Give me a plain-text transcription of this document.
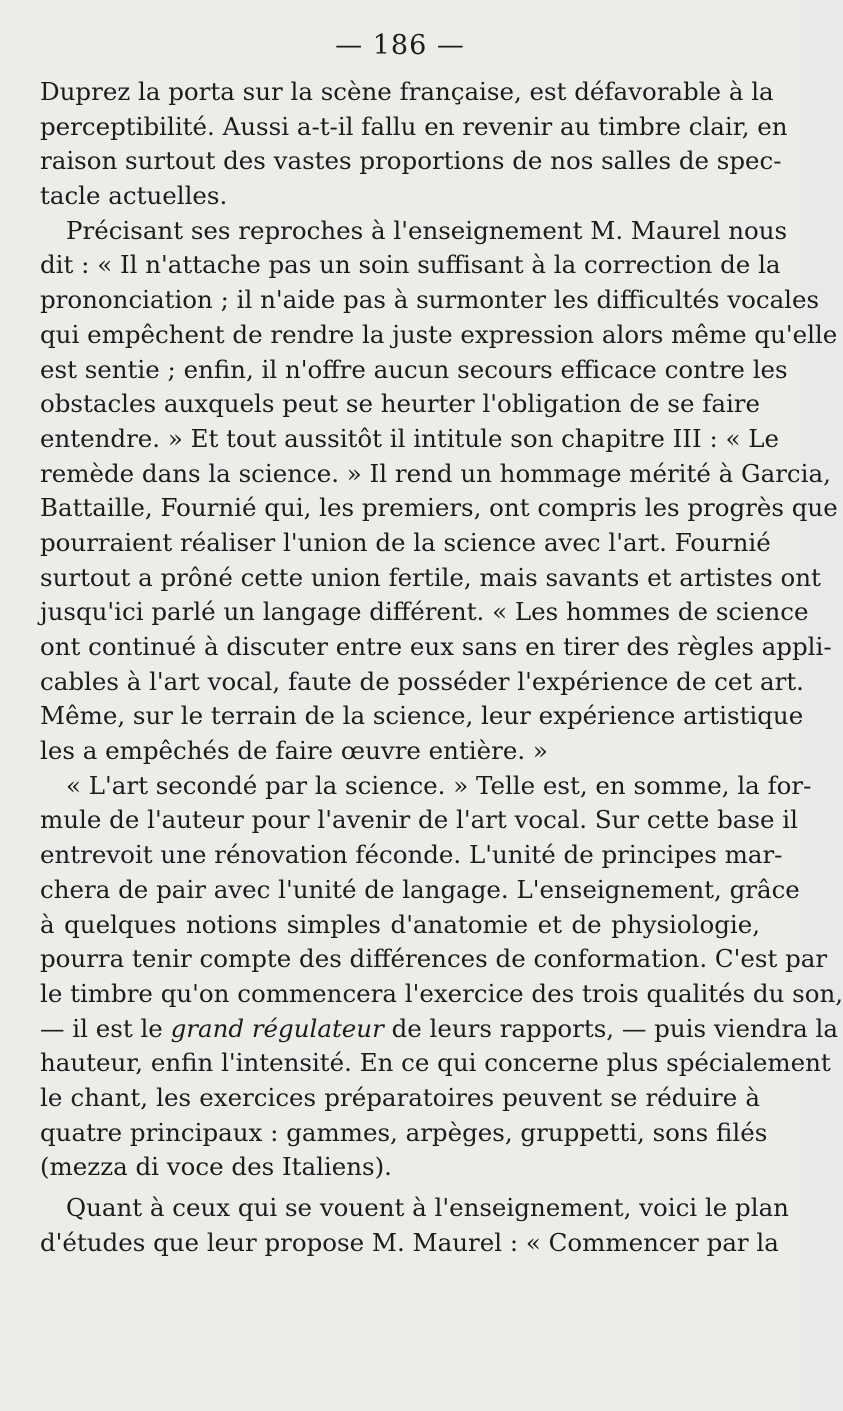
— 186 —
Duprez la porta sur la scène française, est défavorable à la
perceptibilité. Aussi a-t-il fallu en revenir au timbre clair, en
raison surtout des vastes proportions de nos salles de spec-
tacle actuelles.
Précisant ses reproches à l'enseignement M. Maurel nous
dit : « Il n'attache pas un soin suffisant à la correction de la
prononciation ; il n'aide pas à surmonter les difficultés vocales
qui empêchent de rendre la juste expression alors même qu'elle
est sentie ; enfin, il n'offre aucun secours efficace contre les
obstacles auxquels peut se heurter l'obligation de se faire
entendre. » Et tout aussitôt il intitule son chapitre III : « Le
remède dans la science. » Il rend un hommage mérité à Garcia,
Battaille, Fournié qui, les premiers, ont compris les progrès que
pourraient réaliser l'union de la science avec l'art. Fournié
surtout a prôné cette union fertile, mais savants et artistes ont
jusqu'ici parlé un langage différent. « Les hommes de science
ont continué à discuter entre eux sans en tirer des règles appli-
cables à l'art vocal, faute de posséder l'expérience de cet art.
Même, sur le terrain de la science, leur expérience artistique
les a empêchés de faire œuvre entière. »
« L'art secondé par la science. » Telle est, en somme, la for-
mule de l'auteur pour l'avenir de l'art vocal. Sur cette base il
entrevoit une rénovation féconde. L'unité de principes mar-
chera de pair avec l'unité de langage. L'enseignement, grâce
à quelques notions simples d'anatomie et de physiologie,
pourra tenir compte des différences de conformation. C'est par
le timbre qu'on commencera l'exercice des trois qualités du son,
— il est le grand régulateur de leurs rapports, — puis viendra la
hauteur, enfin l'intensité. En ce qui concerne plus spécialement
le chant, les exercices préparatoires peuvent se réduire à
quatre principaux : gammes, arpèges, gruppetti, sons filés
(mezza di voce des Italiens).
Quant à ceux qui se vouent à l'enseignement, voici le plan
d'études que leur propose M. Maurel : « Commencer par la
